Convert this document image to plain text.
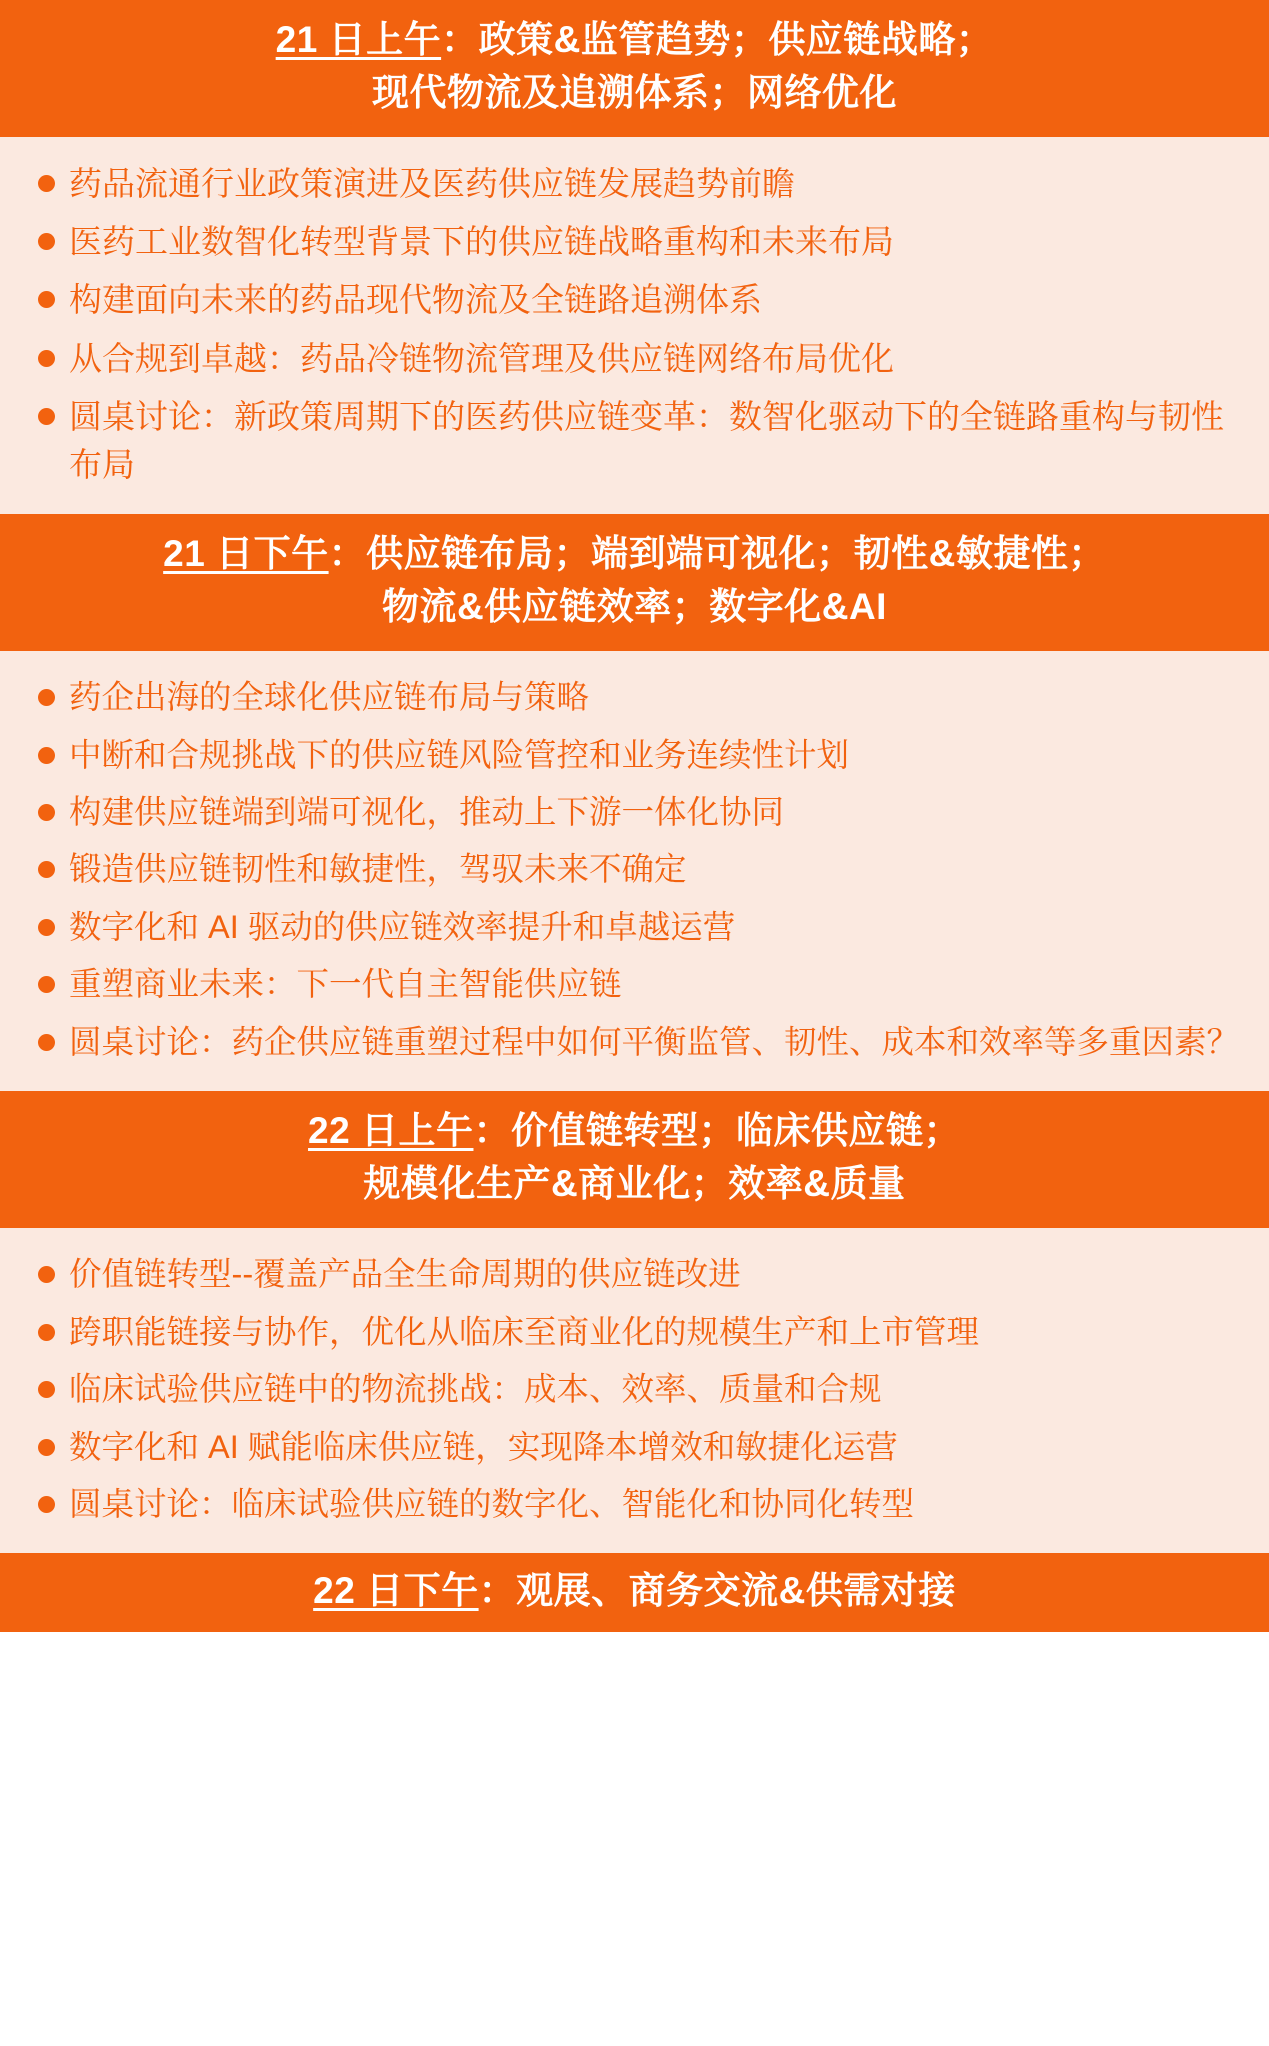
21 日上午：政策&监管趋势；供应链战略；
现代物流及追溯体系；网络优化
药品流通行业政策演进及医药供应链发展趋势前瞻
医药工业数智化转型背景下的供应链战略重构和未来布局
构建面向未来的药品现代物流及全链路追溯体系
从合规到卓越：药品冷链物流管理及供应链网络布局优化
圆桌讨论：新政策周期下的医药供应链变革：数智化驱动下的全链路重构与韧性布局
21 日下午：供应链布局；端到端可视化；韧性&敏捷性；
物流&供应链效率；数字化&AI
药企出海的全球化供应链布局与策略
中断和合规挑战下的供应链风险管控和业务连续性计划
构建供应链端到端可视化，推动上下游一体化协同
锻造供应链韧性和敏捷性，驾驭未来不确定
数字化和 AI 驱动的供应链效率提升和卓越运营
重塑商业未来：下一代自主智能供应链
圆桌讨论：药企供应链重塑过程中如何平衡监管、韧性、成本和效率等多重因素？
22 日上午：价值链转型；临床供应链；
规模化生产&商业化；效率&质量
价值链转型--覆盖产品全生命周期的供应链改进
跨职能链接与协作，优化从临床至商业化的规模生产和上市管理
临床试验供应链中的物流挑战：成本、效率、质量和合规
数字化和 AI 赋能临床供应链，实现降本增效和敏捷化运营
圆桌讨论：临床试验供应链的数字化、智能化和协同化转型
22 日下午：观展、商务交流&供需对接
